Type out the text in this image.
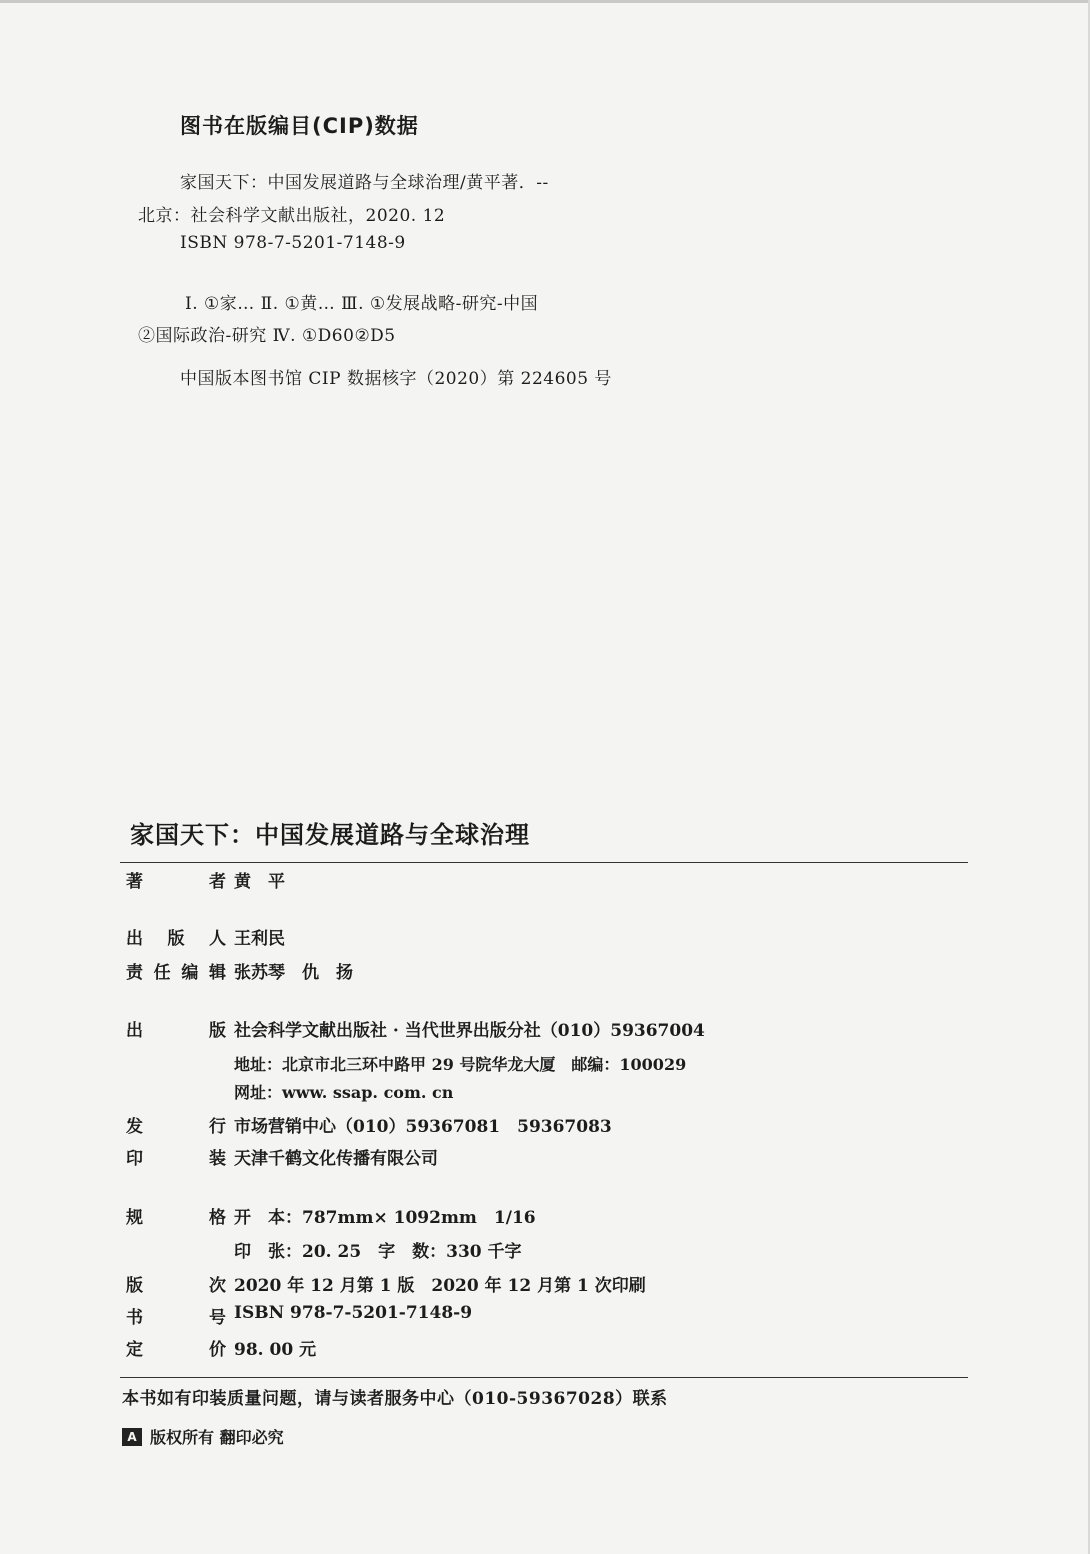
图书在版编目(CIP)数据
家国天下：中国发展道路与全球治理/黄平著．--
北京：社会科学文献出版社，2020. 12
ISBN 978-7-5201-7148-9
Ⅰ. ①家… Ⅱ. ①黄… Ⅲ. ①发展战略-研究-中国
②国际政治-研究 Ⅳ. ①D60②D5
中国版本图书馆 CIP 数据核字（2020）第 224605 号
家国天下：中国发展道路与全球治理
著	者 黄　平
出 版 人 王利民
责 任 编 辑 张苏琴　仇　扬
出	版 社会科学文献出版社 · 当代世界出版分社（010）59367004
地址：北京市北三环中路甲 29 号院华龙大厦　邮编：100029
网址：www. ssap. com. cn
发	行 市场营销中心（010）59367081　59367083
印	装 天津千鹤文化传播有限公司
规	格 开　本：787mm× 1092mm　1/16
印　张：20. 25　字　数：330 千字
版	次 2020 年 12 月第 1 版　2020 年 12 月第 1 次印刷
书	号 ISBN 978-7-5201-7148-9
定	价 98. 00 元
本书如有印装质量问题，请与读者服务中心（010-59367028）联系
A 版权所有 翻印必究
